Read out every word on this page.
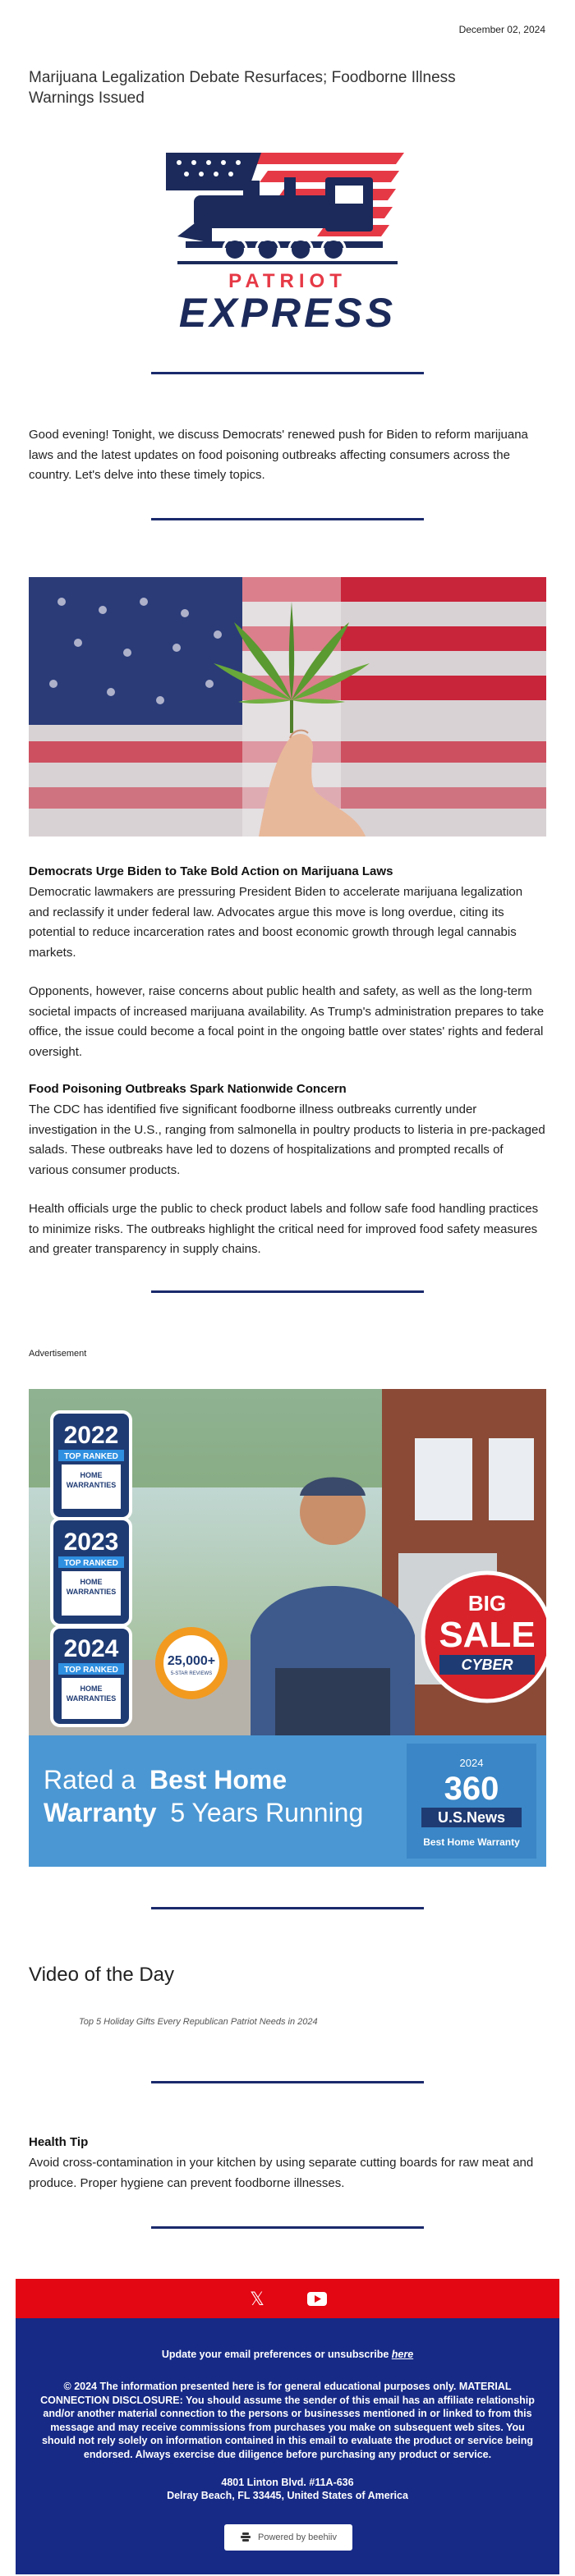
December 02, 2024
Marijuana Legalization Debate Resurfaces; Foodborne Illness Warnings Issued
PATRIOT
EXPRESS

Good evening! Tonight, we discuss Democrats' renewed push for Biden to reform marijuana laws and the latest updates on food poisoning outbreaks affecting consumers across the country. Let's delve into these timely topics.

Democrats Urge Biden to Take Bold Action on Marijuana Laws

Democratic lawmakers are pressuring President Biden to accelerate marijuana legalization and reclassify it under federal law. Advocates argue this move is long overdue, citing its potential to reduce incarceration rates and boost economic growth through legal cannabis markets.

Opponents, however, raise concerns about public health and safety, as well as the long-term societal impacts of increased marijuana availability. As Trump's administration prepares to take office, the issue could become a focal point in the ongoing battle over states' rights and federal oversight.

Food Poisoning Outbreaks Spark Nationwide Concern

The CDC has identified five significant foodborne illness outbreaks currently under investigation in the U.S., ranging from salmonella in poultry products to listeria in pre-packaged salads. These outbreaks have led to dozens of hospitalizations and prompted recalls of various consumer products.

Health officials urge the public to check product labels and follow safe food handling practices to minimize risks. The outbreaks highlight the critical need for improved food safety measures and greater transparency in supply chains.

Advertisement
2022
TOP RANKED
HOME
WARRANTIES
2023
TOP RANKED
HOME
WARRANTIES
2024
TOP RANKED
HOME
WARRANTIES
25,000+
5-STAR REVIEWS
BIG
SALE
CYBER
Rated a Best Home
Warranty 5 Years Running
2024
360
U.S.News
Best Home Warranty
Video of the Day
Top 5 Holiday Gifts Every Republican Patriot Needs in 2024

Health Tip

Avoid cross-contamination in your kitchen by using separate cutting boards for raw meat and produce. Proper hygiene can prevent foodborne illnesses.

𝕏
Update your email preferences or unsubscribe here
© 2024 The information presented here is for general educational purposes only. MATERIAL CONNECTION DISCLOSURE: You should assume the sender of this email has an affiliate relationship and/or another material connection to the persons or businesses mentioned in or linked to from this message and may receive commissions from purchases you make on subsequent web sites. You should not rely solely on information contained in this email to evaluate the product or service being endorsed. Always exercise due diligence before purchasing any product or service.
4801 Linton Blvd. #11A-636
Delray Beach, FL 33445, United States of America
Powered by beehiiv
